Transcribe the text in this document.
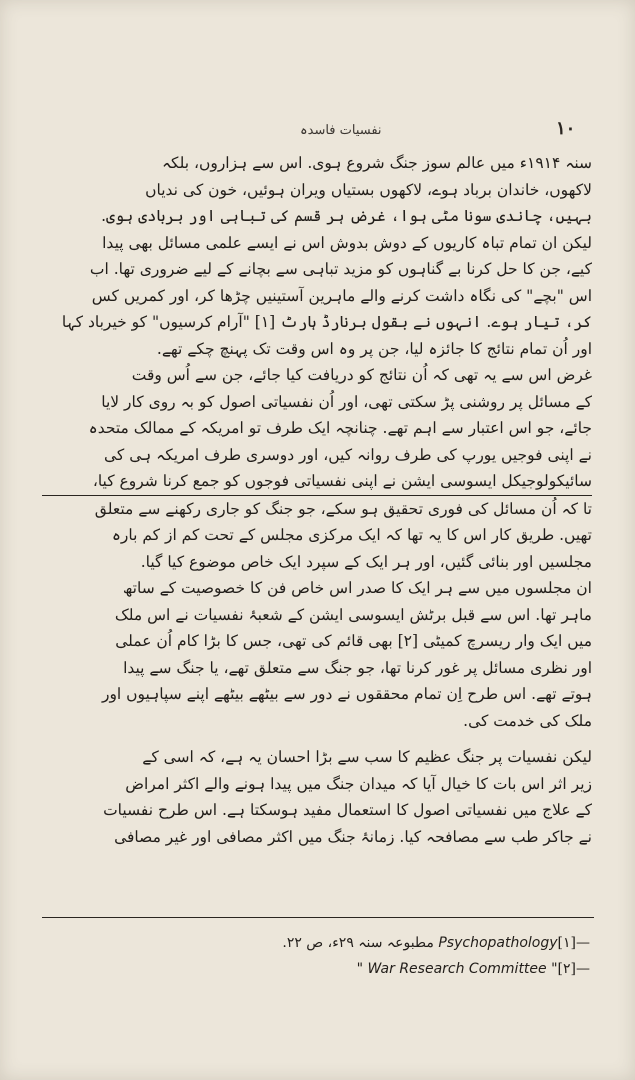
نفسیات فاسدہ	۱۰
سنہ ۱۹۱۴ء میں عالم سوز جنگ شروع ہوی. اس سے ہزاروں، بلکہ
لاکھوں، خاندان برباد ہوے، لاکھوں بستیاں ویران ہوئیں، خون کی ندیاں
بہیں، چاندی سونا مٹی ہوا، غرض ہر قسم کی تباہی اور بربادی ہوی.
لیکن ان تمام تباہ کاریوں کے دوش بدوش اس نے ایسے علمی مسائل بھی پیدا
کیے، جن کا حل کرنا بے گناہوں کو مزید تباہی سے بچانے کے لیے ضروری تھا. اب
اس "بچے" کی نگاہ داشت کرنے والے ماہرین آستینیں چڑھا کر، اور کمریں کس
کر، تیار ہوے. انہوں نے بقول برنارڈ ہارٹ [۱] "آرام کرسیوں" کو خیرباد کہا
اور اُن تمام نتائج کا جائزہ لیا، جن پر وہ اس وقت تک پہنچ چکے تھے.
غرض اس سے یہ تھی کہ اُن نتائج کو دریافت کیا جائے، جن سے اُس وقت
کے مسائل پر روشنی پڑ سکتی تھی، اور اُن نفسیاتی اصول کو بہ روی کار لایا
جائے، جو اس اعتبار سے اہم تھے. چنانچہ ایک طرف تو امریکہ کے ممالک متحدہ
نے اپنی فوجیں یورپ کی طرف روانہ کیں، اور دوسری طرف امریکہ ہی کی
سائیکولوجیکل ایسوسی ایشن نے اپنی نفسیاتی فوجوں کو جمع کرنا شروع کیا،
تا کہ اُن مسائل کی فوری تحقیق ہو سکے، جو جنگ کو جاری رکھنے سے متعلق
تھیں. طریق کار اس کا یہ تھا کہ ایک مرکزی مجلس کے تحت کم از کم بارہ
مجلسیں اور بنائی گئیں، اور ہر ایک کے سپرد ایک خاص موضوع کیا گیا.
ان مجلسوں میں سے ہر ایک کا صدر اس خاص فن کا خصوصیت کے ساتھ
ماہر تھا. اس سے قبل برٹش ایسوسی ایشن کے شعبۂ نفسیات نے اس ملک
میں ایک وار ریسرچ کمیٹی [۲] بھی قائم کی تھی، جس کا بڑا کام اُن عملی
اور نظری مسائل پر غور کرنا تھا، جو جنگ سے متعلق تھے، یا جنگ سے پیدا
ہوتے تھے. اس طرح اِن تمام محققوں نے دور سے بیٹھے بیٹھے اپنے سپاہیوں اور
ملک کی خدمت کی.
لیکن نفسیات پر جنگ عظیم کا سب سے بڑا احسان یہ ہے، کہ اسی کے
زیر اثر اس بات کا خیال آیا کہ میدان جنگ میں پیدا ہونے والے اکثر امراض
کے علاج میں نفسیاتی اصول کا استعمال مفید ہوسکتا ہے. اس طرح نفسیات
نے جاکر طب سے مصافحہ کیا. زمانۂ جنگ میں اکثر مصافی اور غیر مصافی
مطبوعہ سنہ ۲۹ء، ص ۲۲. Psychopathology[۱]—
" War Research Committee "[۲]—
